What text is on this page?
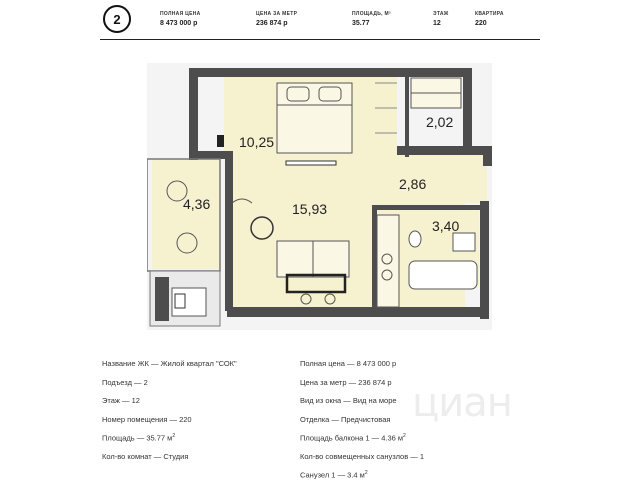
2	ПОЛНАЯ ЦЕНА
8 473 000 р
ЦЕНА ЗА МЕТР
236 874 р
ПЛОЩАДЬ, М²
35.77
ЭТАЖ
12
КВАРТИРА
220
10,25
2,02
2,86
4,36	15,93
3,40
Название ЖК — Жилой квартал "СОК"
Подъезд — 2
Этаж — 12
Номер помещения — 220
Площадь — 35.77 $м^2$
Кол-во комнат — Студия
Полная цена — 8 473 000 р
Цена за метр — 236 874 р
Вид из окна — Вид на море
Отделка — Предчистовая
Площадь балкона 1 — 4.36 $м^2$
Кол-во совмещенных санузлов — 1
Санузел 1 — 3.4 $м^2$
циан
